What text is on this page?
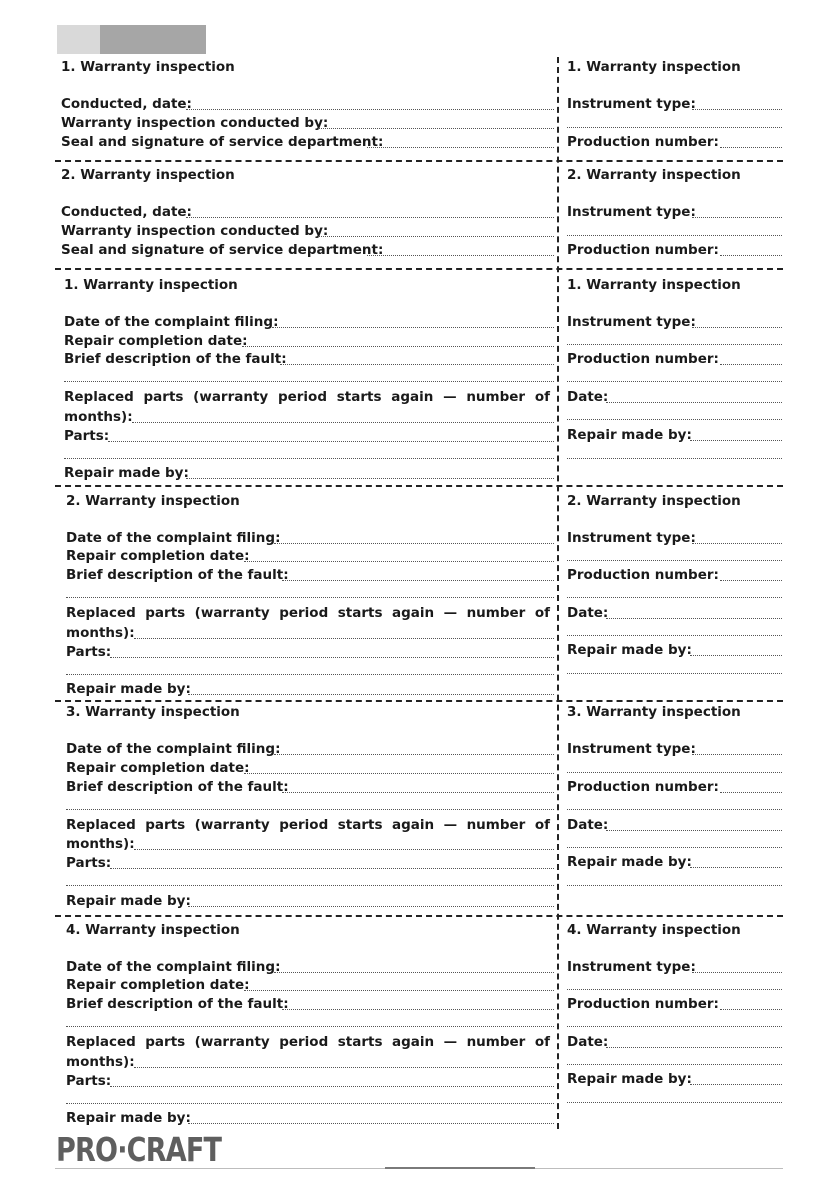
1. Warranty inspection
Conducted, date:
Warranty inspection conducted by:
Seal and signature of service department:
1. Warranty inspection
Instrument type:
Production number:
2. Warranty inspection
Conducted, date:
Warranty inspection conducted by:
Seal and signature of service department:
2. Warranty inspection
Instrument type:
Production number:
1. Warranty inspection
Date of the complaint filing:
Repair completion date:
Brief description of the fault:
Replaced parts (warranty period starts again — number of
months):
Parts:
Repair made by:
1. Warranty inspection
Instrument type:
Production number:
Date:
Repair made by:
2. Warranty inspection
Date of the complaint filing:
Repair completion date:
Brief description of the fault:
Replaced parts (warranty period starts again — number of
months):
Parts:
Repair made by:
2. Warranty inspection
Instrument type:
Production number:
Date:
Repair made by:
3. Warranty inspection
Date of the complaint filing:
Repair completion date:
Brief description of the fault:
Replaced parts (warranty period starts again — number of
months):
Parts:
Repair made by:
3. Warranty inspection
Instrument type:
Production number:
Date:
Repair made by:
4. Warranty inspection
Date of the complaint filing:
Repair completion date:
Brief description of the fault:
Replaced parts (warranty period starts again — number of
months):
Parts:
Repair made by:
4. Warranty inspection
Instrument type:
Production number:
Date:
Repair made by:
PRO·CRAFT
